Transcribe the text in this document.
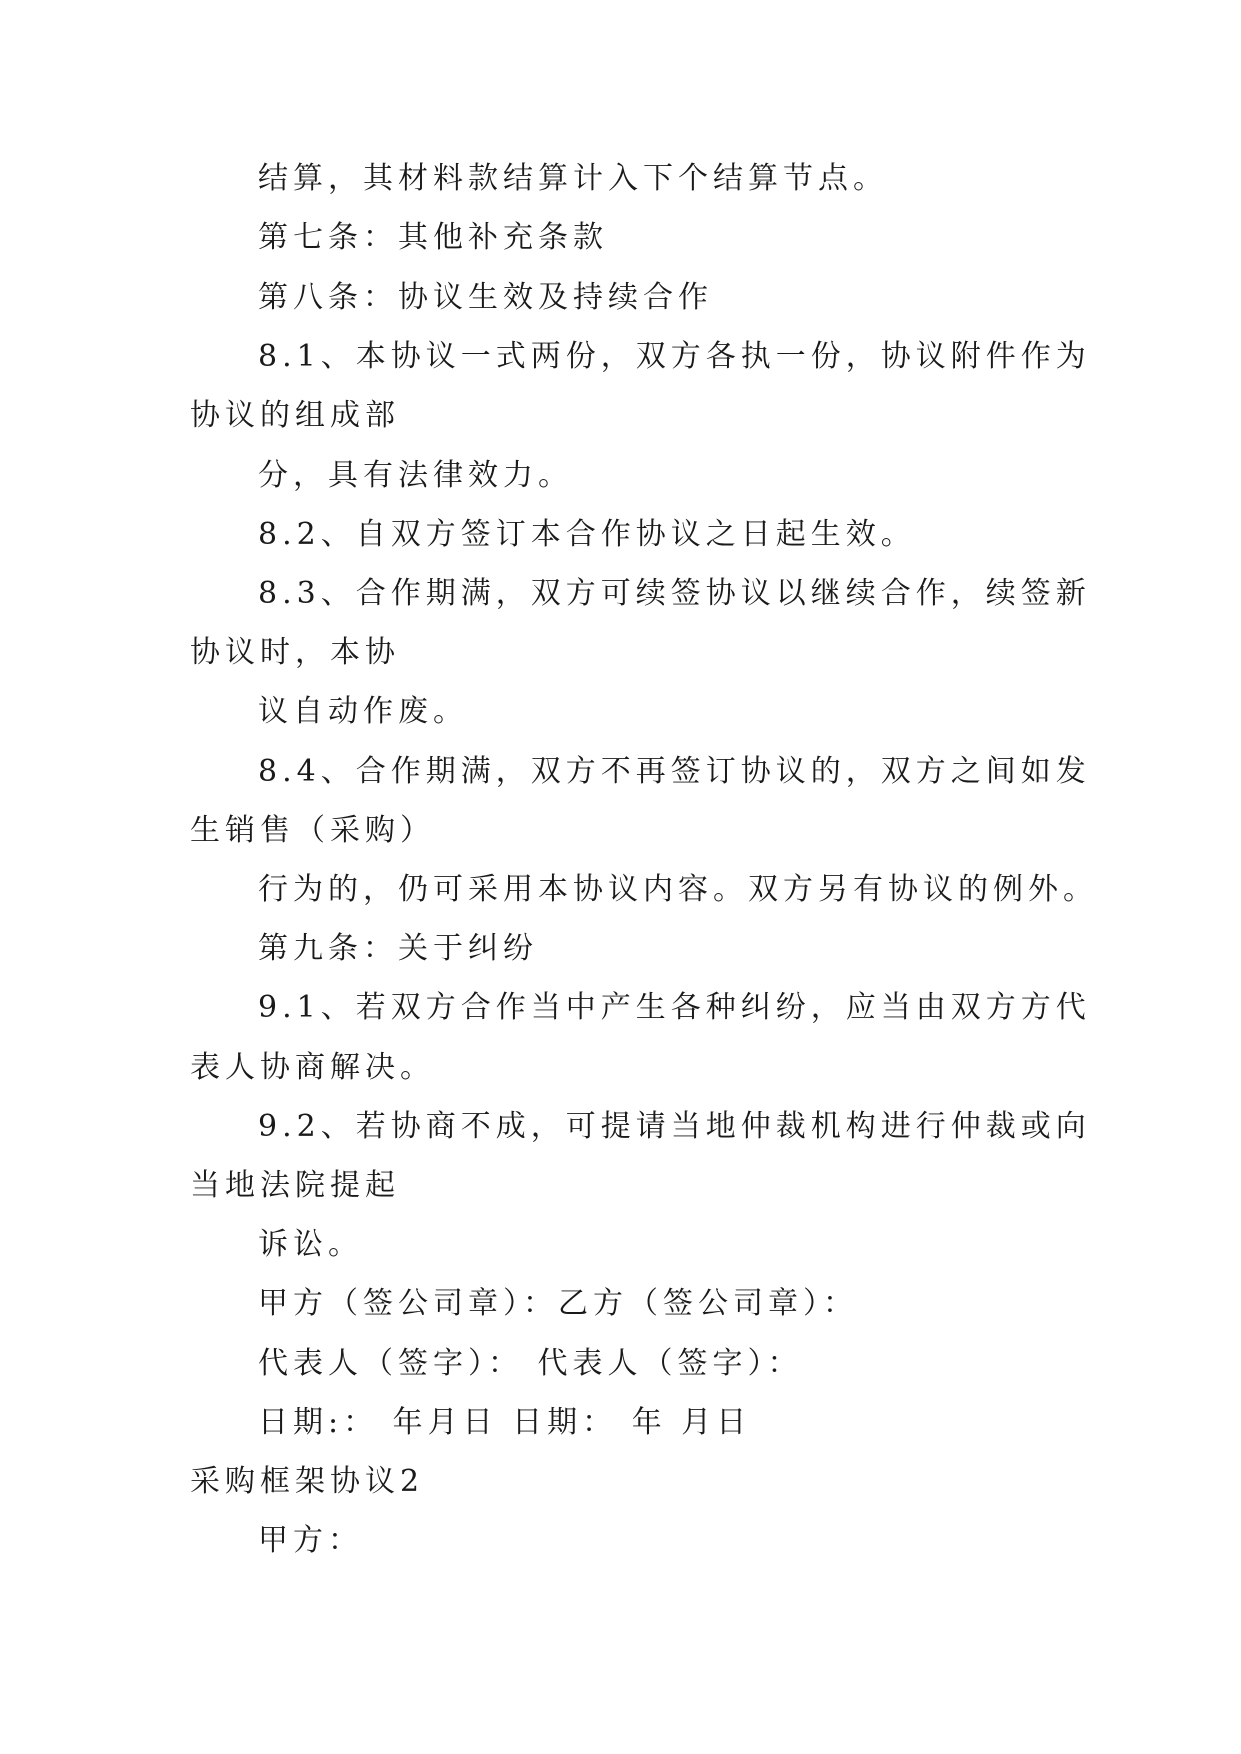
结算，其材料款结算计入下个结算节点。

第七条：其他补充条款

第八条：协议生效及持续合作

8.1、本协议一式两份，双方各执一份，协议附件作为

协议的组成部

分，具有法律效力。

8.2、自双方签订本合作协议之日起生效。

8.3、合作期满，双方可续签协议以继续合作，续签新

协议时，本协

议自动作废。

8.4、合作期满，双方不再签订协议的，双方之间如发

生销售（采购）

行为的，仍可采用本协议内容。双方另有协议的例外。

第九条：关于纠纷

9.1、若双方合作当中产生各种纠纷，应当由双方方代

表人协商解决。

9.2、若协商不成，可提请当地仲裁机构进行仲裁或向

当地法院提起

诉讼。

甲方（签公司章）：乙方（签公司章）：

代表人（签字）： 代表人（签字）：

日期:： 年月日 日期： 年 月日

采购框架协议2

甲方：
